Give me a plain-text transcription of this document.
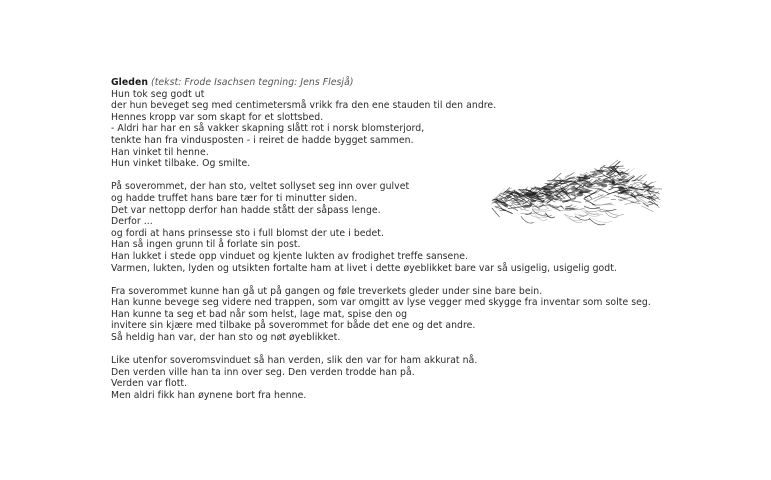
Gleden (tekst: Frode Isachsen tegning: Jens Flesjå)
Hun tok seg godt ut
der hun beveget seg med centimetersmå vrikk fra den ene stauden til den andre.
Hennes kropp var som skapt for et slottsbed.
- Aldri har har en så vakker skapning slått rot i norsk blomsterjord,
tenkte han fra vindusposten - i reiret de hadde bygget sammen.
Han vinket til henne.
Hun vinket tilbake. Og smilte.
På soverommet, der han sto, veltet sollyset seg inn over gulvet
og hadde truffet hans bare tær for ti minutter siden.
Det var nettopp derfor han hadde stått der såpass lenge.
Derfor ...
og fordi at hans prinsesse sto i full blomst der ute i bedet.
Han så ingen grunn til å forlate sin post.
Han lukket i stede opp vinduet og kjente lukten av frodighet treffe sansene.
Varmen, lukten, lyden og utsikten fortalte ham at livet i dette øyeblikket bare var så usigelig, usigelig godt.
Fra soverommet kunne han gå ut på gangen og føle treverkets gleder under sine bare bein.
Han kunne bevege seg videre ned trappen, som var omgitt av lyse vegger med skygge fra inventar som solte seg.
Han kunne ta seg et bad når som helst, lage mat, spise den og
invitere sin kjære med tilbake på soverommet for både det ene og det andre.
Så heldig han var, der han sto og nøt øyeblikket.
Like utenfor soveromsvinduet så han verden, slik den var for ham akkurat nå.
Den verden ville han ta inn over seg. Den verden trodde han på.
Verden var flott.
Men aldri fikk han øynene bort fra henne.
